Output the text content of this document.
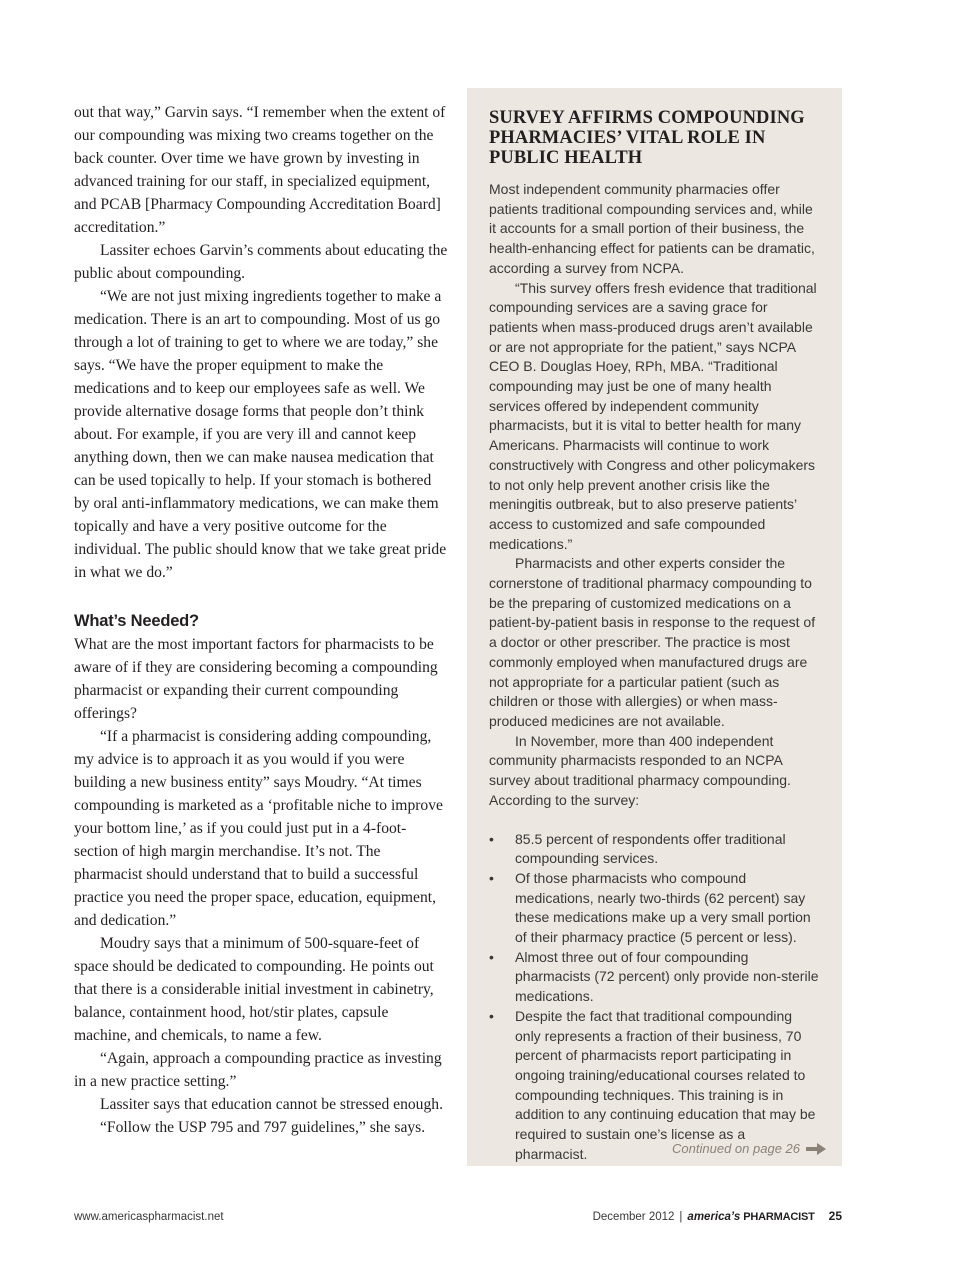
out that way,” Garvin says. “I remember when the extent of our compounding was mixing two creams together on the back counter. Over time we have grown by investing in advanced training for our staff, in specialized equipment, and PCAB [Pharmacy Compounding Accreditation Board] accreditation.”

Lassiter echoes Garvin’s comments about educating the public about compounding.

“We are not just mixing ingredients together to make a medication. There is an art to compounding. Most of us go through a lot of training to get to where we are today,” she says. “We have the proper equipment to make the medications and to keep our employees safe as well. We provide alternative dosage forms that people don’t think about. For example, if you are very ill and cannot keep anything down, then we can make nausea medication that can be used topically to help. If your stomach is bothered by oral anti-inflammatory medications, we can make them topically and have a very positive outcome for the individual. The public should know that we take great pride in what we do.”

What’s Needed?

What are the most important factors for pharmacists to be aware of if they are considering becoming a compounding pharmacist or expanding their current compounding offerings?

“If a pharmacist is considering adding compounding, my advice is to approach it as you would if you were building a new business entity” says Moudry. “At times compounding is marketed as a ‘profitable niche to improve your bottom line,’ as if you could just put in a 4-foot-section of high margin merchandise. It’s not. The pharmacist should understand that to build a successful practice you need the proper space, education, equipment, and dedication.”

Moudry says that a minimum of 500-square-feet of space should be dedicated to compounding. He points out that there is a considerable initial investment in cabinetry, balance, containment hood, hot/stir plates, capsule machine, and chemicals, to name a few.

“Again, approach a compounding practice as investing in a new practice setting.”

Lassiter says that education cannot be stressed enough.

“Follow the USP 795 and 797 guidelines,” she says.

SURVEY AFFIRMS COMPOUNDING PHARMACIES’ VITAL ROLE IN PUBLIC HEALTH

Most independent community pharmacies offer patients traditional compounding services and, while it accounts for a small portion of their business, the health-enhancing effect for patients can be dramatic, according a survey from NCPA.

“This survey offers fresh evidence that traditional compounding services are a saving grace for patients when mass-produced drugs aren’t available or are not appropriate for the patient,” says NCPA CEO B. Douglas Hoey, RPh, MBA. “Traditional compounding may just be one of many health services offered by independent community pharmacists, but it is vital to better health for many Americans. Pharmacists will continue to work constructively with Congress and other policymakers to not only help prevent another crisis like the meningitis outbreak, but to also preserve patients’ access to customized and safe compounded medications.”

Pharmacists and other experts consider the cornerstone of traditional pharmacy compounding to be the preparing of customized medications on a patient-by-patient basis in response to the request of a doctor or other prescriber. The practice is most commonly employed when manufactured drugs are not appropriate for a particular patient (such as children or those with allergies) or when mass-produced medicines are not available.

In November, more than 400 independent community pharmacists responded to an NCPA survey about traditional pharmacy compounding. According to the survey:

• 85.5 percent of respondents offer traditional compounding services.
• Of those pharmacists who compound medications, nearly two-thirds (62 percent) say these medications make up a very small portion of their pharmacy practice (5 percent or less).
• Almost three out of four compounding pharmacists (72 percent) only provide non-sterile medications.
• Despite the fact that traditional compounding only represents a fraction of their business, 70 percent of pharmacists report participating in ongoing training/educational courses related to compounding techniques. This training is in addition to any continuing education that may be required to sustain one’s license as a pharmacist.	Continued on page 26
www.americaspharmacist.net	December 2012 | america’s PHARMACIST 25
